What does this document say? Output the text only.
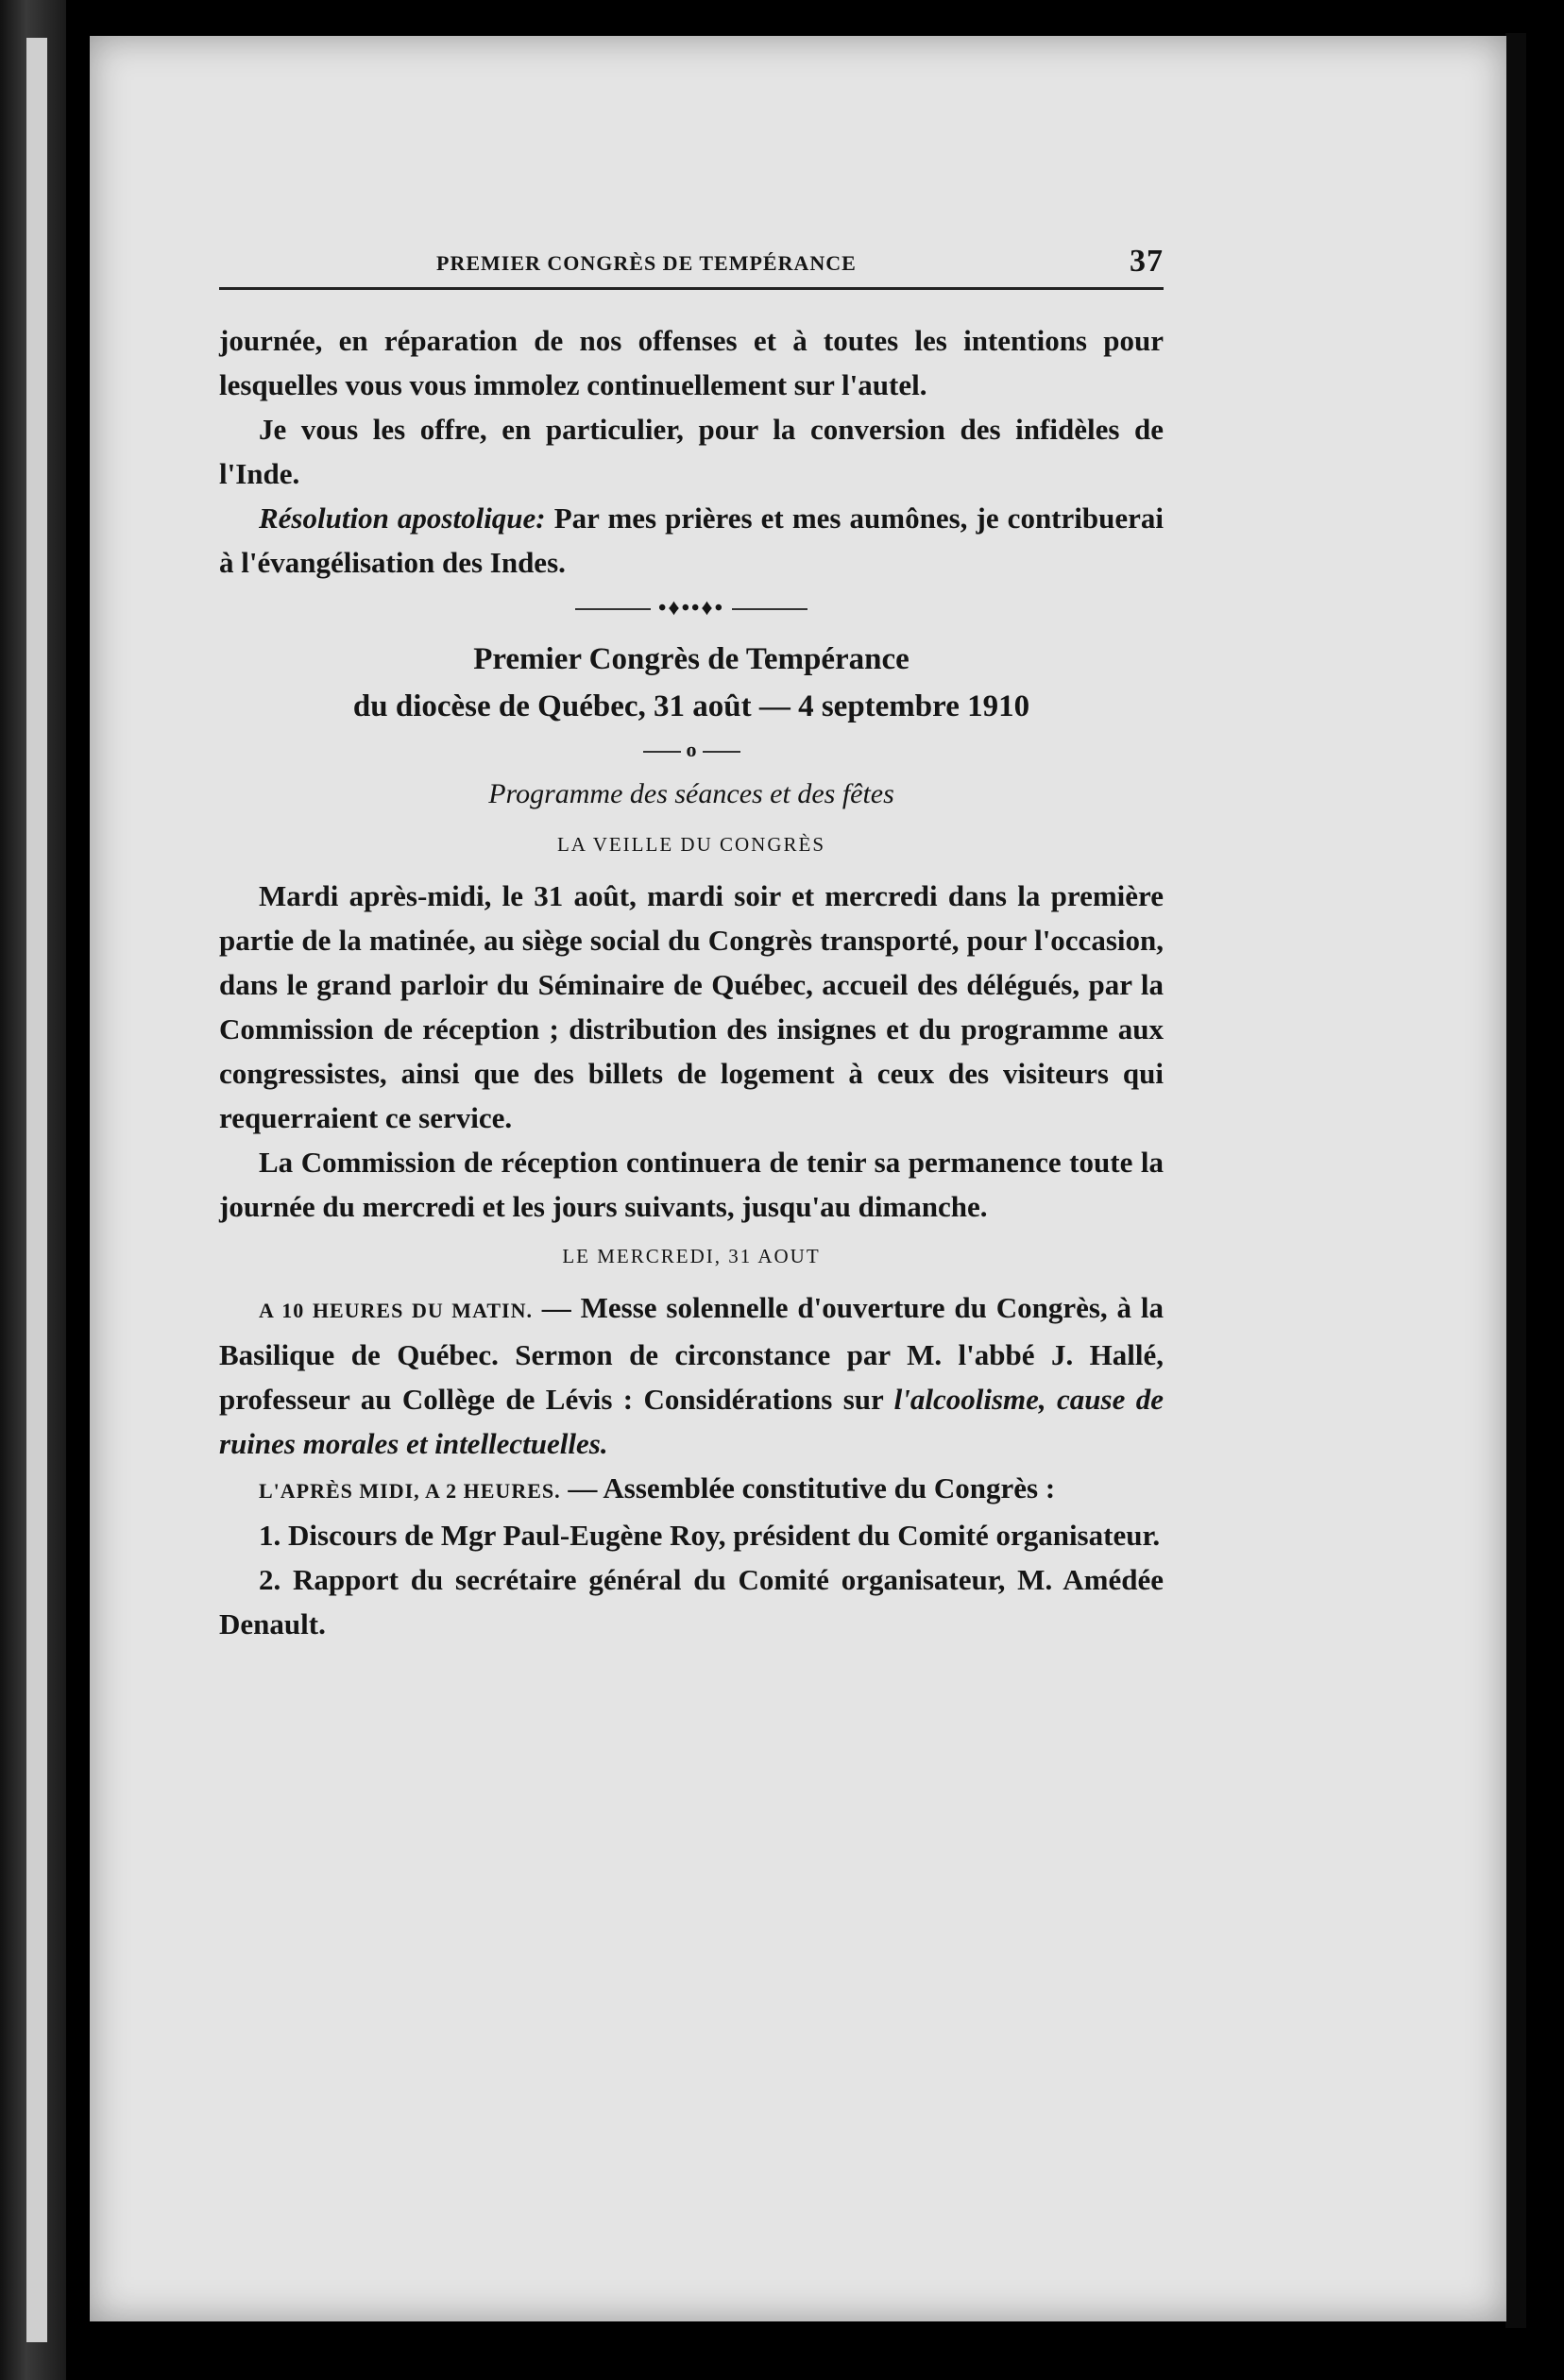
PREMIER CONGRÈS DE TEMPÉRANCE	37

journée, en réparation de nos offenses et à toutes les intentions pour lesquelles vous vous immolez continuellement sur l'autel.

Je vous les offre, en particulier, pour la conversion des infidèles de l'Inde.

Résolution apostolique: Par mes prières et mes aumônes, je contribuerai à l'évangélisation des Indes.

•♦••♦•
Premier Congrès de Tempérance
du diocèse de Québec, 31 août — 4 septembre 1910
o
Programme des séances et des fêtes
LA VEILLE DU CONGRÈS

Mardi après-midi, le 31 août, mardi soir et mercredi dans la première partie de la matinée, au siège social du Congrès transporté, pour l'occasion, dans le grand parloir du Séminaire de Québec, accueil des délégués, par la Commission de réception ; distribution des insignes et du programme aux congressistes, ainsi que des billets de logement à ceux des visiteurs qui requerraient ce service.

La Commission de réception continuera de tenir sa permanence toute la journée du mercredi et les jours suivants, jusqu'au dimanche.

LE MERCREDI, 31 AOUT

A 10 HEURES DU MATIN. — Messe solennelle d'ouverture du Congrès, à la Basilique de Québec. Sermon de circonstance par M. l'abbé J. Hallé, professeur au Collège de Lévis : Considérations sur l'alcoolisme, cause de ruines morales et intellectuelles.

L'APRÈS MIDI, A 2 HEURES. — Assemblée constitutive du Congrès :

1. Discours de Mgr Paul-Eugène Roy, président du Comité organisateur.

2. Rapport du secrétaire général du Comité organisateur, M. Amédée Denault.
